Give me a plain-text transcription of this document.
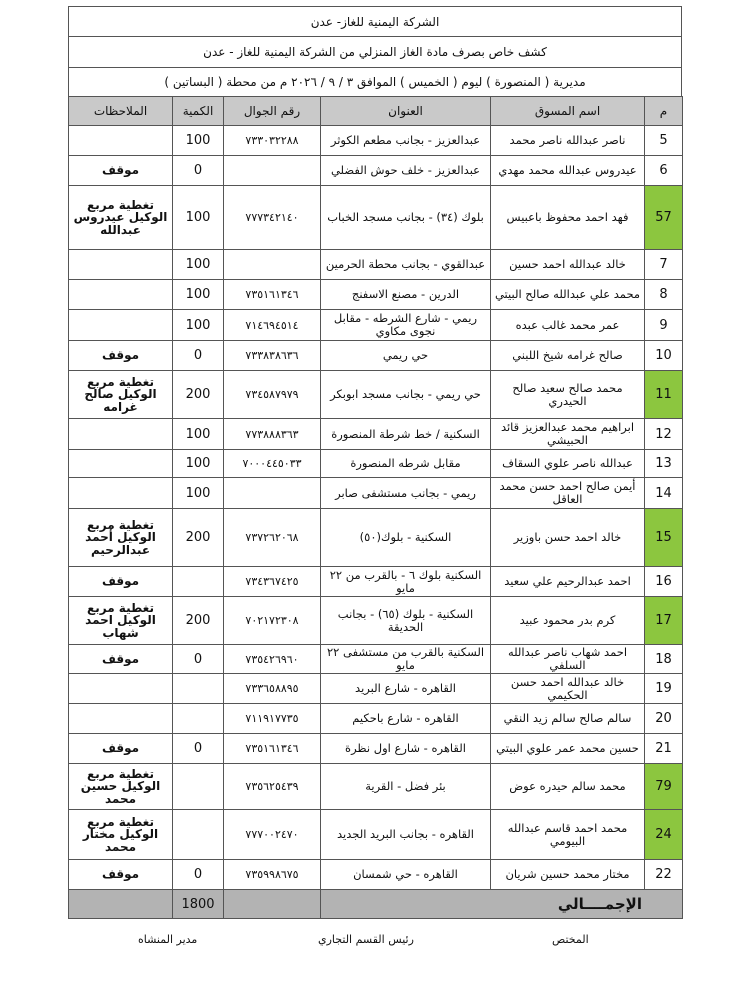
الشركة اليمنية للغاز- عدن
كشف خاص بصرف مادة الغاز المنزلي من الشركة اليمنية للغاز - عدن
مديرية ( المنصورة ) ليوم ( الخميس ) الموافق ٣ / ٩ / ٢٠٢٦ م من محطة ( البساتين )
م	اسم المسوق	العنوان	رقم الجوال	الكمية	الملاحظات
5	ناصر عبدالله ناصر محمد	عبدالعزيز - بجانب مطعم الكوثر	٧٣٣٠٣٢٢٨٨	100	
6	عيدروس عبدالله محمد مهدي	عبدالعزيز - خلف حوش الفضلي		0	موقف
57	فهد احمد محفوظ باعبيس	بلوك (٣٤) - بجانب مسجد الخباب	٧٧٧٣٤٢١٤٠	100	تغطية مربع الوكيل عيدروس عبدالله
7	خالد عبدالله احمد حسين	عبدالقوي - بجانب محطة الحرمين		100	
8	محمد علي عبدالله صالح البيتي	الدرين - مصنع الاسفنج	٧٣٥١٦١٣٤٦	100	
9	عمر محمد غالب عبده	ريمي - شارع الشرطه - مقابل نجوى مكاوي	٧١٤٦٩٤٥١٤	100	
10	صالح غرامه شيخ اللبني	حي ريمي	٧٣٣٨٣٨٦٣٦	0	موقف
11	محمد صالح سعيد صالح الحيدري	حي ريمي - بجانب مسجد ابوبكر	٧٣٤٥٨٧٩٧٩	200	تغطية مربع الوكيل صالح غرامه
12	ابراهيم محمد عبدالعزيز قائد الحبيشي	السكنية / خط شرطة المنصورة	٧٧٣٨٨٨٣٦٣	100	
13	عبدالله ناصر علوي السقاف	مقابل شرطه المنصورة	٧٠٠٠٤٤٥٠٣٣	100	
14	أيمن صالح احمد حسن محمد العاقل	ريمي - بجانب مستشفى صابر		100	
15	خالد احمد حسن باوزير	السكنية - بلوك(٥٠)	٧٣٧٢٦٢٠٦٨	200	تغطية مربع الوكيل أحمد عبدالرحيم
16	احمد عبدالرحيم علي سعيد	السكنية بلوك ٦ - بالقرب من ٢٢ مايو	٧٣٤٣٦٧٤٢٥		موقف
17	كرم بدر محمود عبيد	السكنية - بلوك (٦٥) - بجانب الحديقة	٧٠٢١٧٢٣٠٨	200	تغطية مربع الوكيل احمد شهاب
18	احمد شهاب ناصر عبدالله السلفي	السكنية بالقرب من مستشفى ٢٢ مايو	٧٣٥٤٢٦٩٦٠	0	موقف
19	خالد عبدالله احمد حسن الحكيمي	القاهره - شارع البريد	٧٣٣٦٥٨٨٩٥		
20	سالم صالح سالم زيد النقي	القاهره - شارع باحكيم	٧١١٩١٧٧٣٥		
21	حسين محمد عمر علوي البيتي	القاهره - شارع اول نظرة	٧٣٥١٦١٣٤٦	0	موقف
79	محمد سالم حيدره عوض	بئر فضل - القرية	٧٣٥٦٢٥٤٣٩		تغطية مربع الوكيل حسين محمد
24	محمد احمد قاسم عبدالله البيومي	القاهره - بجانب البريد الجديد	٧٧٧٠٠٢٤٧٠		تغطية مربع الوكيل مختار محمد
22	مختار محمد حسين شريان	القاهره - حي شمسان	٧٣٥٩٩٨٦٧٥	0	موقف
الإجمــــالي				1800	
المختص
رئيس القسم التجاري
مدير المنشاه
